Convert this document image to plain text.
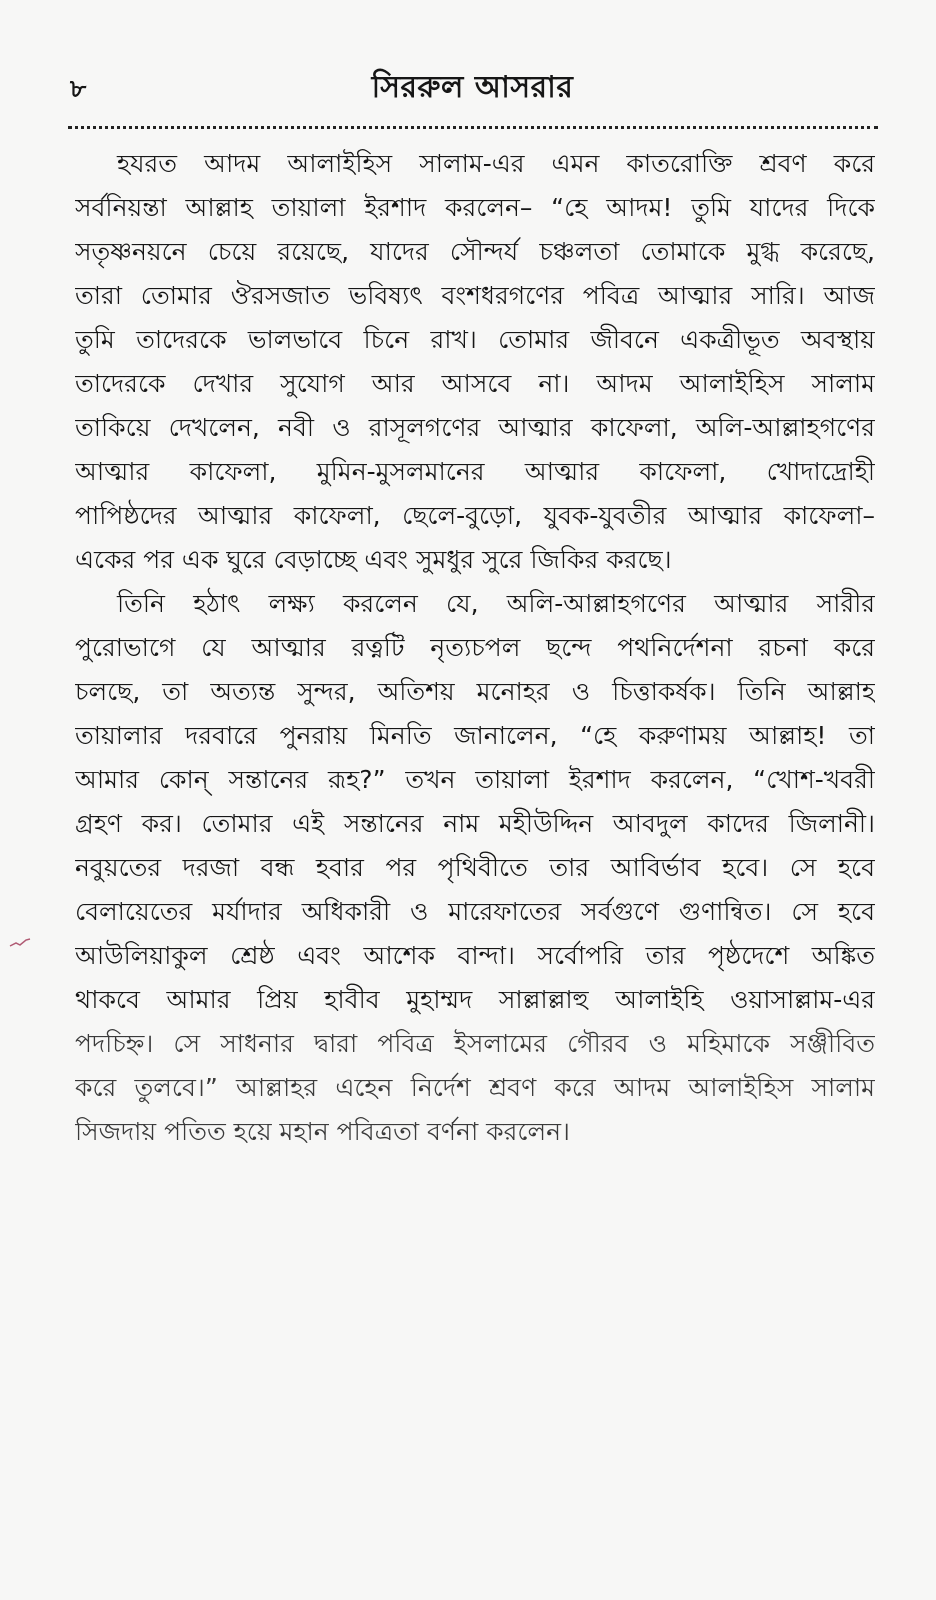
৮	সিররুল আসরার
হযরত আদম আলাইহিস সালাম-এর এমন কাতরোক্তি শ্রবণ করে
সর্বনিয়ন্তা আল্লাহ তায়ালা ইরশাদ করলেন– “হে আদম! তুমি যাদের দিকে
সতৃষ্ণনয়নে চেয়ে রয়েছে, যাদের সৌন্দর্য চঞ্চলতা তোমাকে মুগ্ধ করেছে,
তারা তোমার ঔরসজাত ভবিষ্যৎ বংশধরগণের পবিত্র আত্মার সারি। আজ
তুমি তাদেরকে ভালভাবে চিনে রাখ। তোমার জীবনে একত্রীভূত অবস্থায়
তাদেরকে দেখার সুযোগ আর আসবে না। আদম আলাইহিস সালাম
তাকিয়ে দেখলেন, নবী ও রাসূলগণের আত্মার কাফেলা, অলি-আল্লাহগণের
আত্মার কাফেলা, মুমিন-মুসলমানের আত্মার কাফেলা, খোদাদ্রোহী
পাপিষ্ঠদের আত্মার কাফেলা, ছেলে-বুড়ো, যুবক-যুবতীর আত্মার কাফেলা–
একের পর এক ঘুরে বেড়াচ্ছে এবং সুমধুর সুরে জিকির করছে।
তিনি হঠাৎ লক্ষ্য করলেন যে, অলি-আল্লাহগণের আত্মার সারীর
পুরোভাগে যে আত্মার রত্নটি নৃত্যচপল ছন্দে পথনির্দেশনা রচনা করে
চলছে, তা অত্যন্ত সুন্দর, অতিশয় মনোহর ও চিত্তাকর্ষক। তিনি আল্লাহ
তায়ালার দরবারে পুনরায় মিনতি জানালেন, “হে করুণাময় আল্লাহ! তা
আমার কোন্ সন্তানের রূহ?” তখন তায়ালা ইরশাদ করলেন, “খোশ-খবরী
গ্রহণ কর। তোমার এই সন্তানের নাম মহীউদ্দিন আবদুল কাদের জিলানী।
নবুয়তের দরজা বন্ধ হবার পর পৃথিবীতে তার আবির্ভাব হবে। সে হবে
বেলায়েতের মর্যাদার অধিকারী ও মারেফাতের সর্বগুণে গুণান্বিত। সে হবে
আউলিয়াকুল শ্রেষ্ঠ এবং আশেক বান্দা। সর্বোপরি তার পৃষ্ঠদেশে অঙ্কিত
থাকবে আমার প্রিয় হাবীব মুহাম্মদ সাল্লাল্লাহু আলাইহি ওয়াসাল্লাম-এর
পদচিহ্ন। সে সাধনার দ্বারা পবিত্র ইসলামের গৌরব ও মহিমাকে সঞ্জীবিত
করে তুলবে।” আল্লাহর এহেন নির্দেশ শ্রবণ করে আদম আলাইহিস সালাম
সিজদায় পতিত হয়ে মহান পবিত্রতা বর্ণনা করলেন।
